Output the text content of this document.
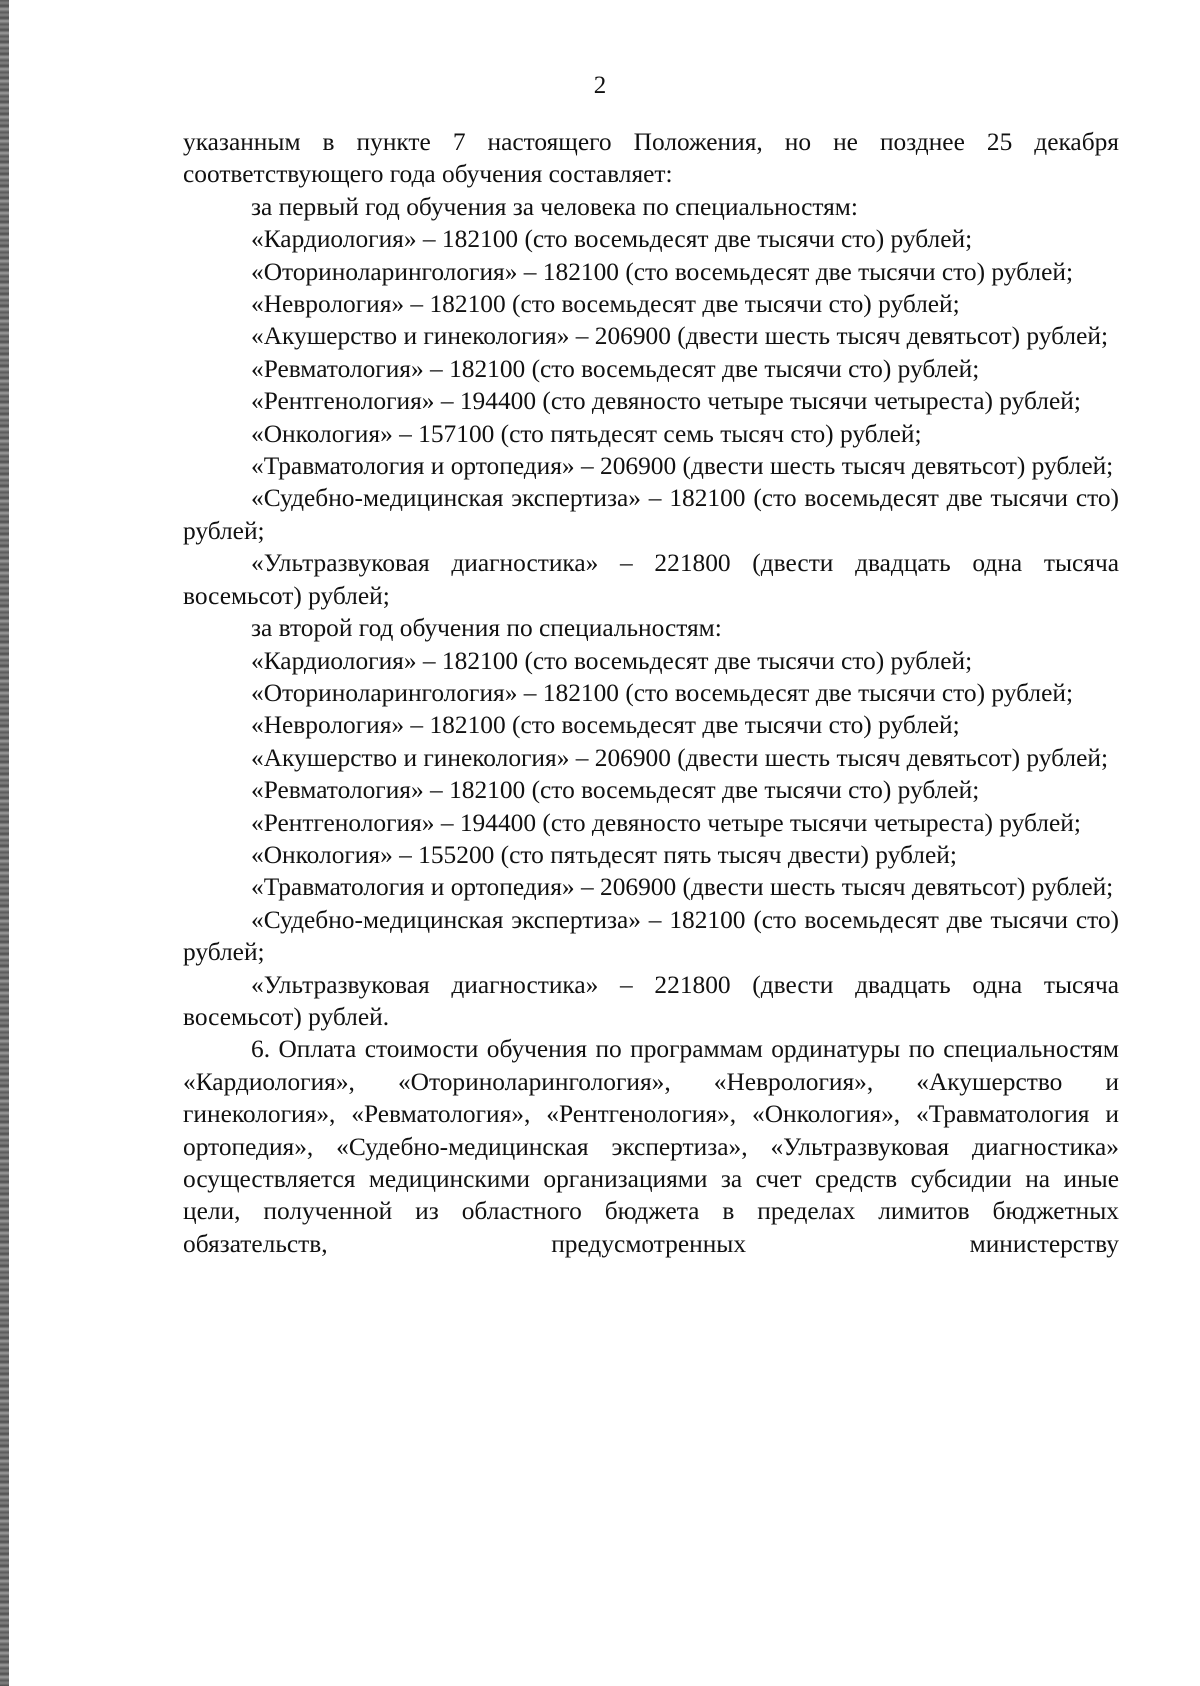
2

указанным в пункте 7 настоящего Положения, но не позднее 25 декабря соответствующего года обучения составляет:

за первый год обучения за человека по специальностям:

«Кардиология» – 182100 (сто восемьдесят две тысячи сто) рублей;

«Оториноларингология» – 182100 (сто восемьдесят две тысячи сто) рублей;

«Неврология» – 182100 (сто восемьдесят две тысячи сто) рублей;

«Акушерство и гинекология» – 206900 (двести шесть тысяч девятьсот) рублей;

«Ревматология» – 182100 (сто восемьдесят две тысячи сто) рублей;

«Рентгенология» – 194400 (сто девяносто четыре тысячи четыреста) рублей;

«Онкология» – 157100 (сто пятьдесят семь тысяч сто) рублей;

«Травматология и ортопедия» – 206900 (двести шесть тысяч девятьсот) рублей;

«Судебно-медицинская экспертиза» – 182100 (сто восемьдесят две тысячи сто) рублей;

«Ультразвуковая диагностика» – 221800 (двести двадцать одна тысяча восемьсот) рублей;

за второй год обучения по специальностям:

«Кардиология» – 182100 (сто восемьдесят две тысячи сто) рублей;

«Оториноларингология» – 182100 (сто восемьдесят две тысячи сто) рублей;

«Неврология» – 182100 (сто восемьдесят две тысячи сто) рублей;

«Акушерство и гинекология» – 206900 (двести шесть тысяч девятьсот) рублей;

«Ревматология» – 182100 (сто восемьдесят две тысячи сто) рублей;

«Рентгенология» – 194400 (сто девяносто четыре тысячи четыреста) рублей;

«Онкология» – 155200 (сто пятьдесят пять тысяч двести) рублей;

«Травматология и ортопедия» – 206900 (двести шесть тысяч девятьсот) рублей;

«Судебно-медицинская экспертиза» – 182100 (сто восемьдесят две тысячи сто) рублей;

«Ультразвуковая диагностика» – 221800 (двести двадцать одна тысяча восемьсот) рублей.

6. Оплата стоимости обучения по программам ординатуры по специальностям «Кардиология», «Оториноларингология», «Неврология», «Акушерство и гинекология», «Ревматология», «Рентгенология», «Онкология», «Травматология и ортопедия», «Судебно-медицинская экспертиза», «Ультразвуковая диагностика» осуществляется медицинскими организациями за счет средств субсидии на иные цели, полученной из областного бюджета в пределах лимитов бюджетных обязательств, предусмотренных министерству
